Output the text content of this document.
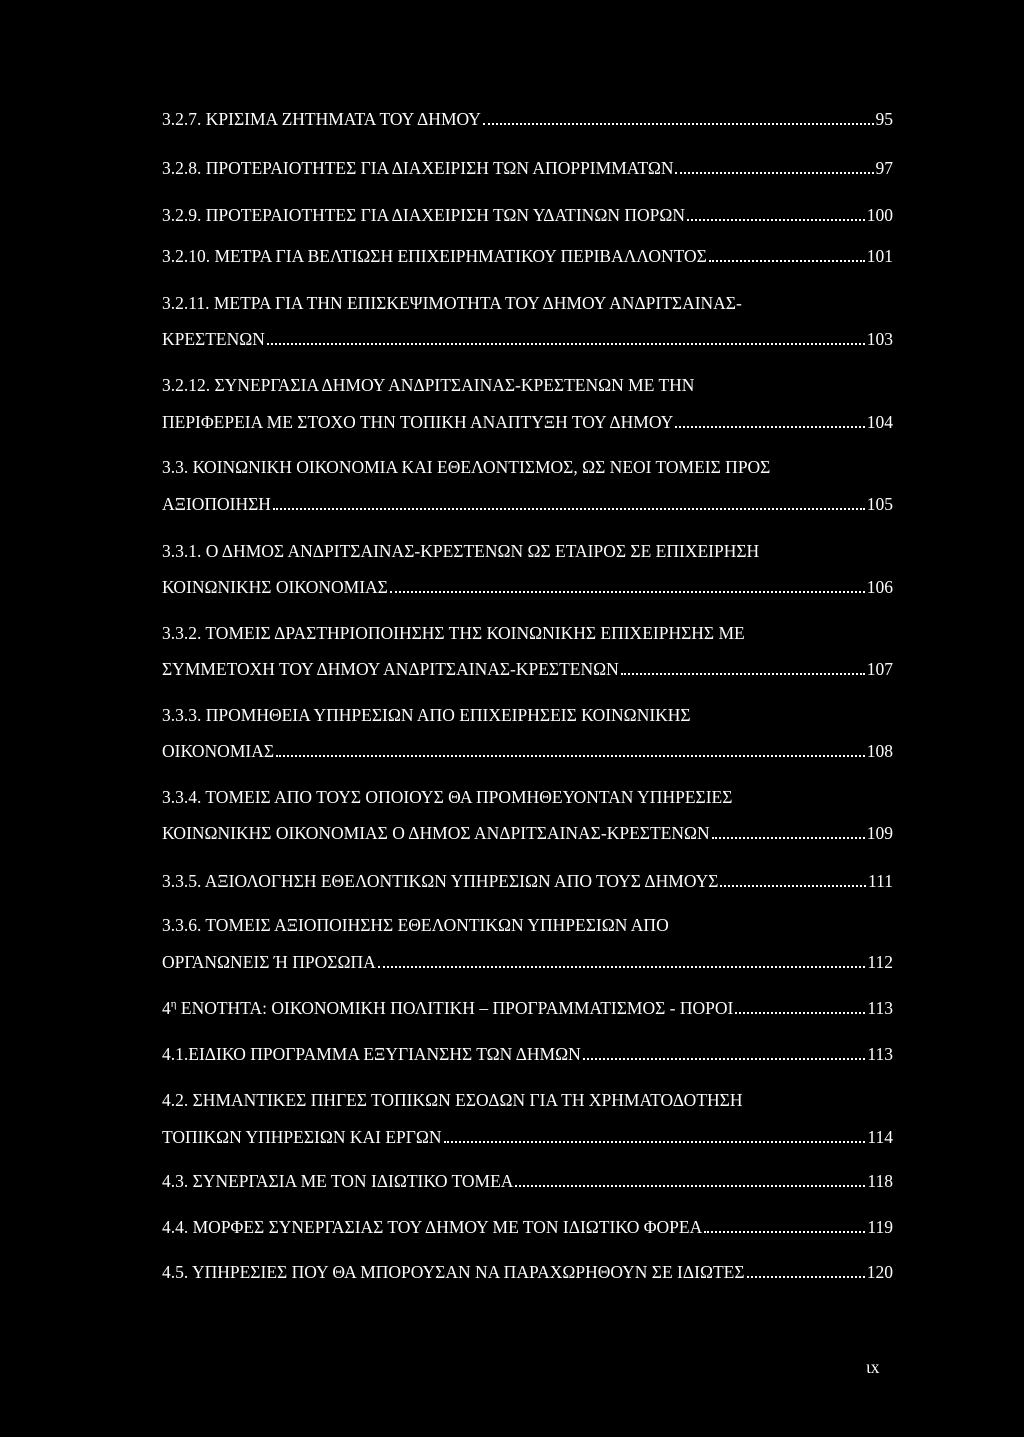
3.2.7. ΚΡΙΣΙΜΑ ΖΗΤΗΜΑΤΑ ΤΟΥ ΔΗΜΟΥ	95
3.2.8. ΠΡΟΤΕΡΑΙΟΤΗΤΕΣ ΓΙΑ ΔΙΑΧΕΙΡΙΣΗ ΤΩΝ ΑΠΟΡΡΙΜΜΑΤΩΝ	97
3.2.9. ΠΡΟΤΕΡΑΙΟΤΗΤΕΣ ΓΙΑ ΔΙΑΧΕΙΡΙΣΗ ΤΩΝ ΥΔΑΤΙΝΩΝ ΠΟΡΩΝ	100
3.2.10. ΜΕΤΡΑ ΓΙΑ ΒΕΛΤΙΩΣΗ ΕΠΙΧΕΙΡΗΜΑΤΙΚΟΥ ΠΕΡΙΒΑΛΛΟΝΤΟΣ	101
3.2.11. ΜΕΤΡΑ ΓΙΑ ΤΗΝ ΕΠΙΣΚΕΨΙΜΟΤΗΤΑ ΤΟΥ ΔΗΜΟΥ ΑΝΔΡΙΤΣΑΙΝΑΣ-
ΚΡΕΣΤΕΝΩΝ	103
3.2.12. ΣΥΝΕΡΓΑΣΙΑ ΔΗΜΟΥ ΑΝΔΡΙΤΣΑΙΝΑΣ-ΚΡΕΣΤΕΝΩΝ ΜΕ ΤΗΝ
ΠΕΡΙΦΕΡΕΙΑ ΜΕ ΣΤΟΧΟ ΤΗΝ ΤΟΠΙΚΗ ΑΝΑΠΤΥΞΗ ΤΟΥ ΔΗΜΟΥ	104
3.3. ΚΟΙΝΩΝΙΚΗ ΟΙΚΟΝΟΜΙΑ ΚΑΙ ΕΘΕΛΟΝΤΙΣΜΟΣ, ΩΣ ΝΕΟΙ ΤΟΜΕΙΣ ΠΡΟΣ
ΑΞΙΟΠΟΙΗΣΗ	105
3.3.1. Ο ΔΗΜΟΣ ΑΝΔΡΙΤΣΑΙΝΑΣ-ΚΡΕΣΤΕΝΩΝ ΩΣ ΕΤΑΙΡΟΣ ΣΕ ΕΠΙΧΕΙΡΗΣΗ
ΚΟΙΝΩΝΙΚΗΣ ΟΙΚΟΝΟΜΙΑΣ	106
3.3.2. ΤΟΜΕΙΣ ΔΡΑΣΤΗΡΙΟΠΟΙΗΣΗΣ ΤΗΣ ΚΟΙΝΩΝΙΚΗΣ ΕΠΙΧΕΙΡΗΣΗΣ ΜΕ
ΣΥΜΜΕΤΟΧΗ ΤΟΥ ΔΗΜΟΥ ΑΝΔΡΙΤΣΑΙΝΑΣ-ΚΡΕΣΤΕΝΩΝ	107
3.3.3. ΠΡΟΜΗΘΕΙΑ ΥΠΗΡΕΣΙΩΝ ΑΠΟ ΕΠΙΧΕΙΡΗΣΕΙΣ ΚΟΙΝΩΝΙΚΗΣ
ΟΙΚΟΝΟΜΙΑΣ	108
3.3.4. ΤΟΜΕΙΣ ΑΠΟ ΤΟΥΣ ΟΠΟΙΟΥΣ ΘΑ ΠΡΟΜΗΘΕΥΟΝΤΑΝ ΥΠΗΡΕΣΙΕΣ
ΚΟΙΝΩΝΙΚΗΣ ΟΙΚΟΝΟΜΙΑΣ Ο ΔΗΜΟΣ ΑΝΔΡΙΤΣΑΙΝΑΣ-ΚΡΕΣΤΕΝΩΝ	109
3.3.5. ΑΞΙΟΛΟΓΗΣΗ ΕΘΕΛΟΝΤΙΚΩΝ ΥΠΗΡΕΣΙΩΝ ΑΠΟ ΤΟΥΣ ΔΗΜΟΥΣ	111
3.3.6. ΤΟΜΕΙΣ ΑΞΙΟΠΟΙΗΣΗΣ ΕΘΕΛΟΝΤΙΚΩΝ ΥΠΗΡΕΣΙΩΝ ΑΠΟ
ΟΡΓΑΝΩΝΕΙΣ Ή ΠΡΟΣΩΠΑ	112
$4^\eta$ ΕΝΟΤΗΤΑ: ΟΙΚΟΝΟΜΙΚΗ ΠΟΛΙΤΙΚΗ – ΠΡΟΓΡΑΜΜΑΤΙΣΜΟΣ - ΠΟΡΟΙ	113
4.1.ΕΙΔΙΚΟ ΠΡΟΓΡΑΜΜΑ ΕΞΥΓΙΑΝΣΗΣ ΤΩΝ ΔΗΜΩΝ	113
4.2. ΣΗΜΑΝΤΙΚΕΣ ΠΗΓΕΣ ΤΟΠΙΚΩΝ ΕΣΟΔΩΝ ΓΙΑ ΤΗ ΧΡΗΜΑΤΟΔΟΤΗΣΗ
ΤΟΠΙΚΩΝ ΥΠΗΡΕΣΙΩΝ ΚΑΙ ΕΡΓΩΝ	114
4.3. ΣΥΝΕΡΓΑΣΙΑ ΜΕ ΤΟΝ ΙΔΙΩΤΙΚΟ ΤΟΜΕΑ	118
4.4. ΜΟΡΦΕΣ ΣΥΝΕΡΓΑΣΙΑΣ ΤΟΥ ΔΗΜΟΥ ΜΕ ΤΟΝ ΙΔΙΩΤΙΚΟ ΦΟΡΕΑ	119
4.5. ΥΠΗΡΕΣΙΕΣ ΠΟΥ ΘΑ ΜΠΟΡΟΥΣΑΝ ΝΑ ΠΑΡΑΧΩΡΗΘΟΥΝ ΣΕ ΙΔΙΩΤΕΣ	120
ιx
